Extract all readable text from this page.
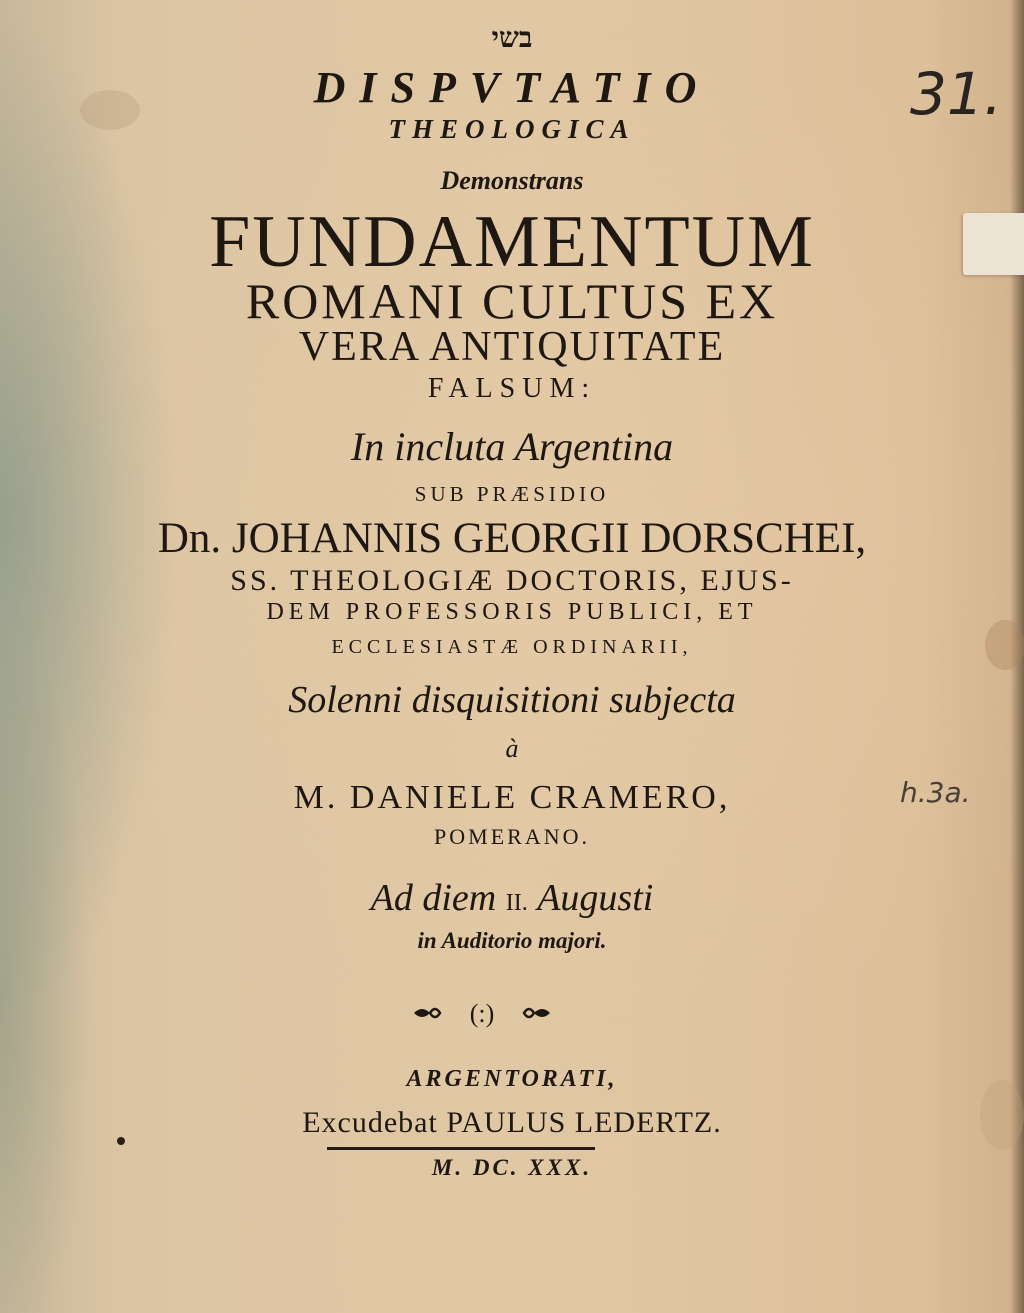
31.
h.3a.
בשי
DISPVTATIO
THEOLOGICA
Demonstrans
FUNDAMENTUM
ROMANI CULTUS EX
VERA ANTIQUITATE
FALSUM:
In incluta Argentina
SUB PRÆSIDIO
Dn. JOHANNIS GEORGII DORSCHEI,
SS. THEOLOGIÆ DOCTORIS, EJUS-
DEM PROFESSORIS PUBLICI, ET
ECCLESIASTÆ ORDINARII,
Solenni disquisitioni subjecta
à
M. DANIELE CRAMERO,
POMERANO.
Ad diem II. Augusti
in Auditorio majori.
(:)
ARGENTORATI,
Excudebat PAULUS LEDERTZ.
M. DC. XXX.
